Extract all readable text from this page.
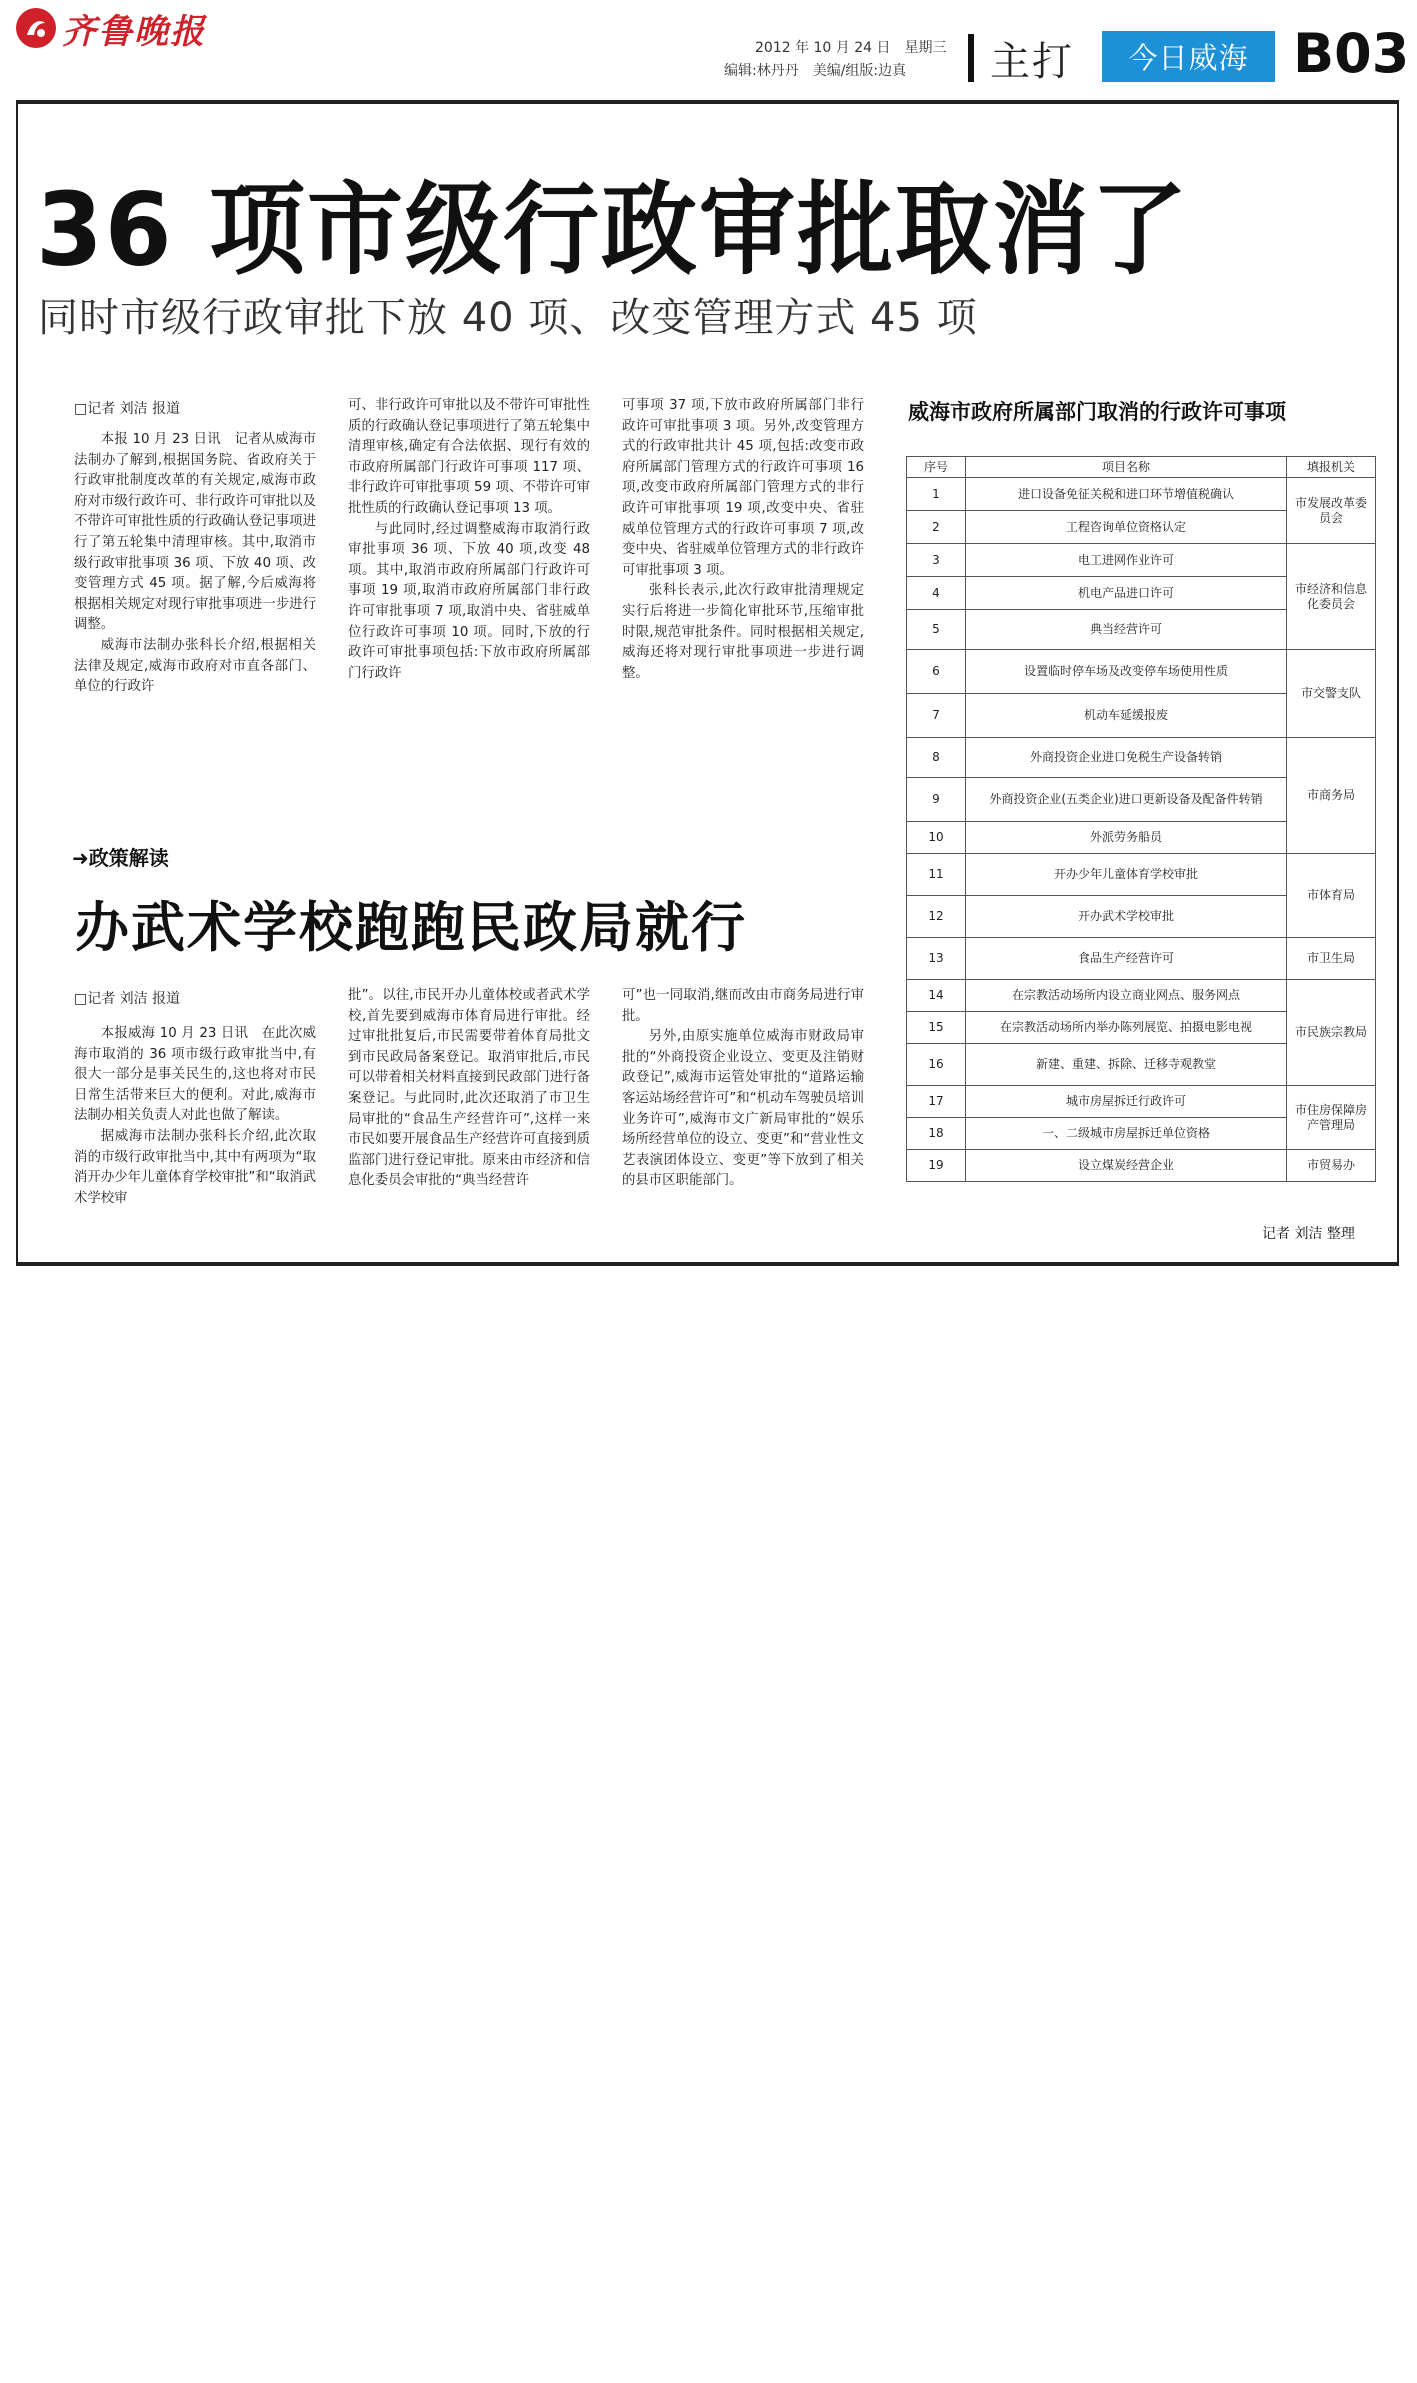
齐鲁晚报	2012 年 10 月 24 日　星期三
编辑:林丹丹　美编/组版:边真 主打	今日威海 B03
36 项市级行政审批取消了
同时市级行政审批下放 40 项、改变管理方式 45 项
□记者 刘洁 报道

本报 10 月 23 日讯　记者从威海市法制办了解到,根据国务院、省政府关于行政审批制度改革的有关规定,威海市政府对市级行政许可、非行政许可审批以及不带许可审批性质的行政确认登记事项进行了第五轮集中清理审核。其中,取消市级行政审批事项 36 项、下放 40 项、改变管理方式 45 项。据了解,今后威海将根据相关规定对现行审批事项进一步进行调整。

威海市法制办张科长介绍,根据相关法律及规定,威海市政府对市直各部门、单位的行政许

可、非行政许可审批以及不带许可审批性质的行政确认登记事项进行了第五轮集中清理审核,确定有合法依据、现行有效的市政府所属部门行政许可事项 117 项、非行政许可审批事项 59 项、不带许可审批性质的行政确认登记事项 13 项。

与此同时,经过调整威海市取消行政审批事项 36 项、下放 40 项,改变 48 项。其中,取消市政府所属部门行政许可事项 19 项,取消市政府所属部门非行政许可审批事项 7 项,取消中央、省驻威单位行政许可事项 10 项。同时,下放的行政许可审批事项包括:下放市政府所属部门行政许

可事项 37 项,下放市政府所属部门非行政许可审批事项 3 项。另外,改变管理方式的行政审批共计 45 项,包括:改变市政府所属部门管理方式的行政许可事项 16 项,改变市政府所属部门管理方式的非行政许可审批事项 19 项,改变中央、省驻威单位管理方式的行政许可事项 7 项,改变中央、省驻威单位管理方式的非行政许可审批事项 3 项。

张科长表示,此次行政审批清理规定实行后将进一步简化审批环节,压缩审批时限,规范审批条件。同时根据相关规定,威海还将对现行审批事项进一步进行调整。

➜政策解读
办武术学校跑跑民政局就行
□记者 刘洁 报道

本报威海 10 月 23 日讯　在此次威海市取消的 36 项市级行政审批当中,有很大一部分是事关民生的,这也将对市民日常生活带来巨大的便利。对此,威海市法制办相关负责人对此也做了解读。

据威海市法制办张科长介绍,此次取消的市级行政审批当中,其中有两项为“取消开办少年儿童体育学校审批”和“取消武术学校审

批”。以往,市民开办儿童体校或者武术学校,首先要到威海市体育局进行审批。经过审批批复后,市民需要带着体育局批文到市民政局备案登记。取消审批后,市民可以带着相关材料直接到民政部门进行备案登记。与此同时,此次还取消了市卫生局审批的“食品生产经营许可”,这样一来市民如要开展食品生产经营许可直接到质监部门进行登记审批。原来由市经济和信息化委员会审批的“典当经营许

可”也一同取消,继而改由市商务局进行审批。

另外,由原实施单位威海市财政局审批的“外商投资企业设立、变更及注销财政登记”,威海市运管处审批的“道路运输客运站场经营许可”和“机动车驾驶员培训业务许可”,威海市文广新局审批的“娱乐场所经营单位的设立、变更”和“营业性文艺表演团体设立、变更”等下放到了相关的县市区职能部门。

威海市政府所属部门取消的行政许可事项
序号	项目名称	填报机关
1	进口设备免征关税和进口环节增值税确认	市发展改革委员会
2	工程咨询单位资格认定	
3	电工进网作业许可	市经济和信息化委员会
4	机电产品进口许可	
5	典当经营许可	
6	设置临时停车场及改变停车场使用性质	市交警支队
7	机动车延缓报废	
8	外商投资企业进口免税生产设备转销	市商务局
9	外商投资企业(五类企业)进口更新设备及配备件转销	
10	外派劳务船员	
11	开办少年儿童体育学校审批	市体育局
12	开办武术学校审批	
13	食品生产经营许可	市卫生局
14	在宗教活动场所内设立商业网点、服务网点	市民族宗教局
15	在宗教活动场所内举办陈列展览、拍摄电影电视	
16	新建、重建、拆除、迁移寺观教堂	
17	城市房屋拆迁行政许可	市住房保障房产管理局
18	一、二级城市房屋拆迁单位资格	
19	设立煤炭经营企业	市贸易办
记者 刘洁 整理
